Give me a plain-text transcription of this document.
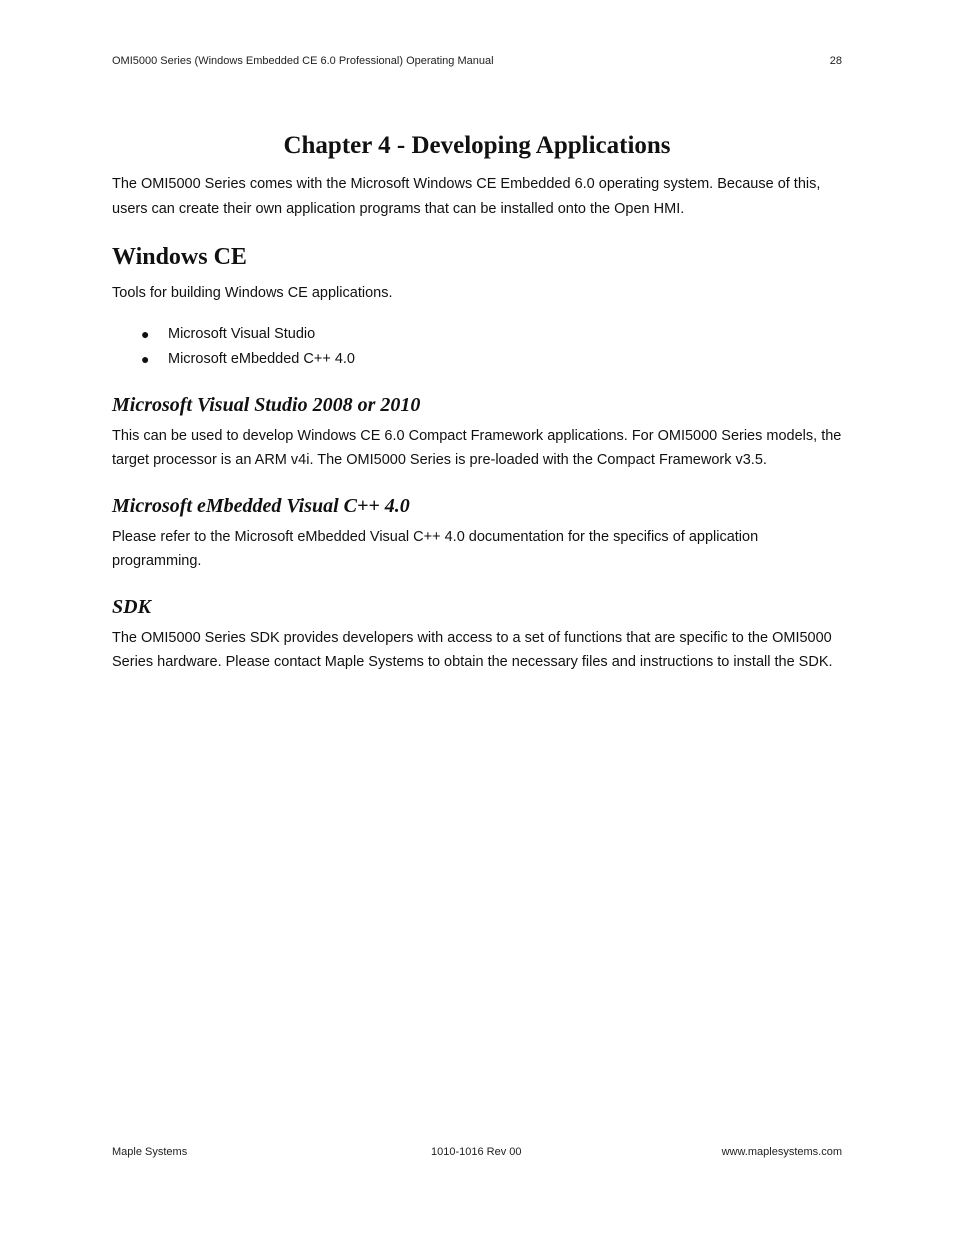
OMI5000 Series (Windows Embedded CE 6.0 Professional) Operating Manual	28
Chapter 4 - Developing Applications

The OMI5000 Series comes with the Microsoft Windows CE Embedded 6.0 operating system. Because of this, users can create their own application programs that can be installed onto the Open HMI.

Windows CE

Tools for building Windows CE applications.

● Microsoft Visual Studio
● Microsoft eMbedded C++ 4.0
Microsoft Visual Studio 2008 or 2010

This can be used to develop Windows CE 6.0 Compact Framework applications. For OMI5000 Series models, the target processor is an ARM v4i. The OMI5000 Series is pre-loaded with the Compact Framework v3.5.

Microsoft eMbedded Visual C++ 4.0

Please refer to the Microsoft eMbedded Visual C++ 4.0 documentation for the specifics of application programming.

SDK

The OMI5000 Series SDK provides developers with access to a set of functions that are specific to the OMI5000 Series hardware. Please contact Maple Systems to obtain the necessary files and instructions to install the SDK.

Maple Systems	1010-1016 Rev 00	www.maplesystems.com
